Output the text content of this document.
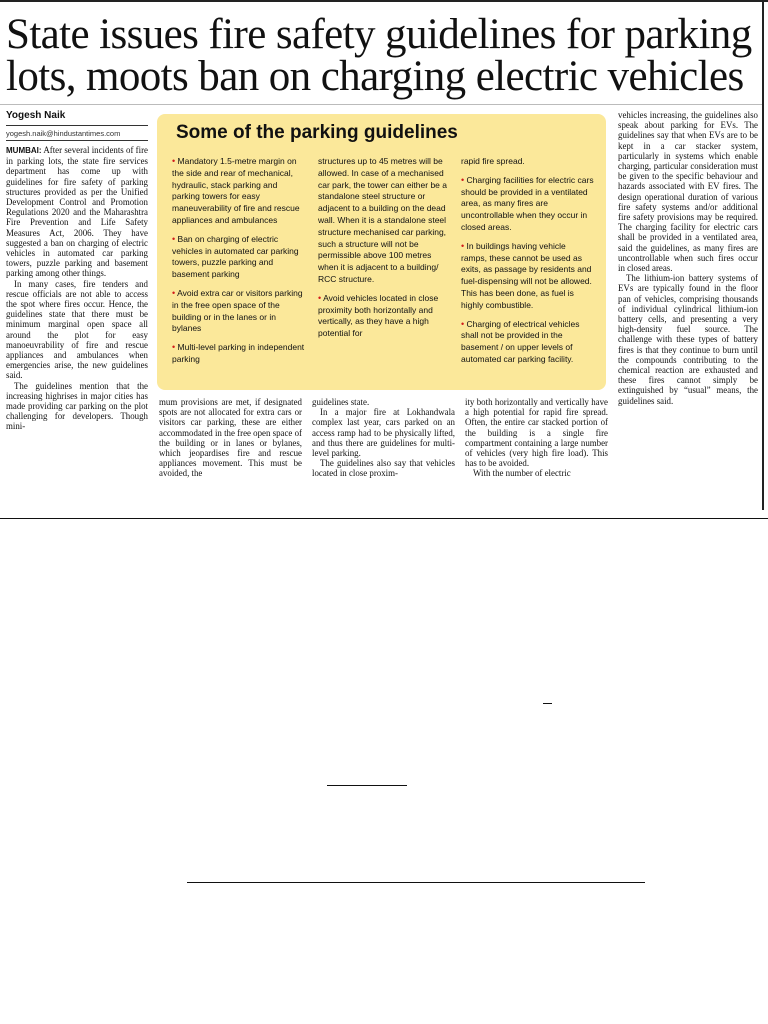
State issues fire safety guidelines for parking lots, moots ban on charging electric vehicles
Yogesh Naik
yogesh.naik@hindustantimes.com

MUMBAI: After several incidents of fire in parking lots, the state fire services department has come up with guidelines for fire safety of parking structures provided as per the Unified Development Control and Promotion Regulations 2020 and the Maharashtra Fire Prevention and Life Safety Measures Act, 2006. They have suggested a ban on charging of electric vehicles in automated car parking towers, puzzle parking and basement parking among other things.

In many cases, fire tenders and rescue officials are not able to access the spot where fires occur. Hence, the guidelines state that there must be minimum marginal open space all around the plot for easy manoeuvrability of fire and rescue appliances and ambulances when emergencies arise, the new guidelines said.

The guidelines mention that the increasing highrises in major cities has made providing car parking on the plot challenging for developers. Though mini-

Some of the parking guidelines

• Mandatory 1.5-metre margin on the side and rear of mechanical, hydraulic, stack parking and parking towers for easy maneuverability of fire and rescue appliances and ambulances

• Ban on charging of electric vehicles in automated car parking towers, puzzle parking and basement parking

• Avoid extra car or visitors parking in the free open space of the building or in the lanes or in bylanes

• Multi-level parking in independent parking

structures up to 45 metres will be allowed. In case of a mechanised car park, the tower can either be a standalone steel structure or adjacent to a building on the dead wall. When it is a standalone steel structure mechanised car parking, such a structure will not be permissible above 100 metres when it is adjacent to a building/ RCC structure.

• Avoid vehicles located in close proximity both horizontally and vertically, as they have a high potential for

rapid fire spread.

• Charging facilities for electric cars should be provided in a ventilated area, as many fires are uncontrollable when they occur in closed areas.

• In buildings having vehicle ramps, these cannot be used as exits, as passage by residents and fuel-dispensing will not be allowed. This has been done, as fuel is highly combustible.

• Charging of electrical vehicles shall not be provided in the basement / on upper levels of automated car parking facility.

mum provisions are met, if designated spots are not allocated for extra cars or visitors car parking, these are either accommodated in the free open space of the building or in lanes or bylanes, which jeopardises fire and rescue appliances movement. This must be avoided, the

guidelines state.

In a major fire at Lokhandwala complex last year, cars parked on an access ramp had to be physically lifted, and thus there are guidelines for multi-level parking.

The guidelines also say that vehicles located in close proxim-

ity both horizontally and vertically have a high potential for rapid fire spread. Often, the entire car stacked portion of the building is a single fire compartment containing a large number of vehicles (very high fire load). This has to be avoided.

With the number of electric

vehicles increasing, the guidelines also speak about parking for EVs. The guidelines say that when EVs are to be kept in a car stacker system, particularly in systems which enable charging, particular consideration must be given to the specific behaviour and hazards associated with EV fires. The design operational duration of various fire safety systems and/or additional fire safety provisions may be required. The charging facility for electric cars shall be provided in a ventilated area, said the guidelines, as many fires are uncontrollable when such fires occur in closed areas.

The lithium-ion battery systems of EVs are typically found in the floor pan of vehicles, comprising thousands of individual cylindrical lithium-ion battery cells, and presenting a very high-density fuel source. The challenge with these types of battery fires is that they continue to burn until the compounds contributing to the chemical reaction are exhausted and these fires cannot simply be extinguished by “usual” means, the guidelines said.
